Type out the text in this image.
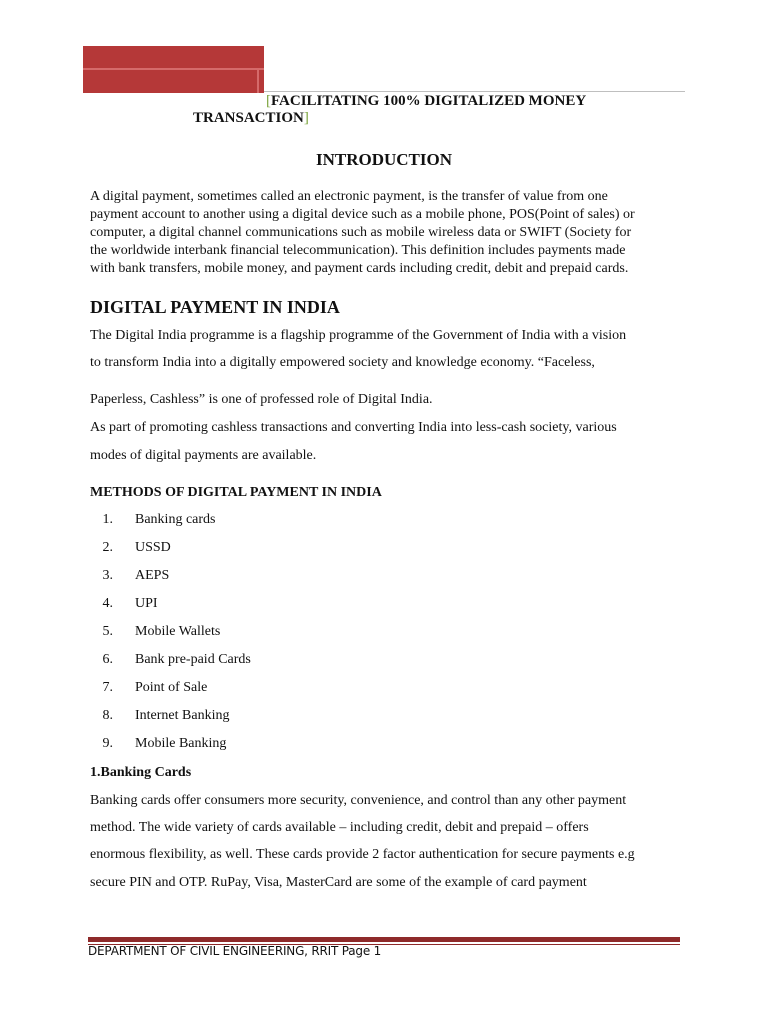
[FACILITATING 100% DIGITALIZED MONEY
TRANSACTION]
INTRODUCTION
A digital payment, sometimes called an electronic payment, is the transfer of value from one
payment account to another using a digital device such as a mobile phone, POS(Point of sales) or
computer, a digital channel communications such as mobile wireless data or SWIFT (Society for
the worldwide interbank financial telecommunication). This definition includes payments made
with bank transfers, mobile money, and payment cards including credit, debit and prepaid cards.
DIGITAL PAYMENT IN INDIA
The Digital India programme is a flagship programme of the Government of India with a vision
to transform India into a digitally empowered society and knowledge economy. “Faceless,
Paperless, Cashless” is one of professed role of Digital India.
As part of promoting cashless transactions and converting India into less-cash society, various
modes of digital payments are available.
METHODS OF DIGITAL PAYMENT IN INDIA
1. Banking cards
2. USSD
3. AEPS
4. UPI
5. Mobile Wallets
6. Bank pre-paid Cards
7. Point of Sale
8. Internet Banking
9. Mobile Banking
1.Banking Cards
Banking cards offer consumers more security, convenience, and control than any other payment
method. The wide variety of cards available – including credit, debit and prepaid – offers
enormous flexibility, as well. These cards provide 2 factor authentication for secure payments e.g
secure PIN and OTP. RuPay, Visa, MasterCard are some of the example of card payment
DEPARTMENT OF CIVIL ENGINEERING, RRIT Page 1
